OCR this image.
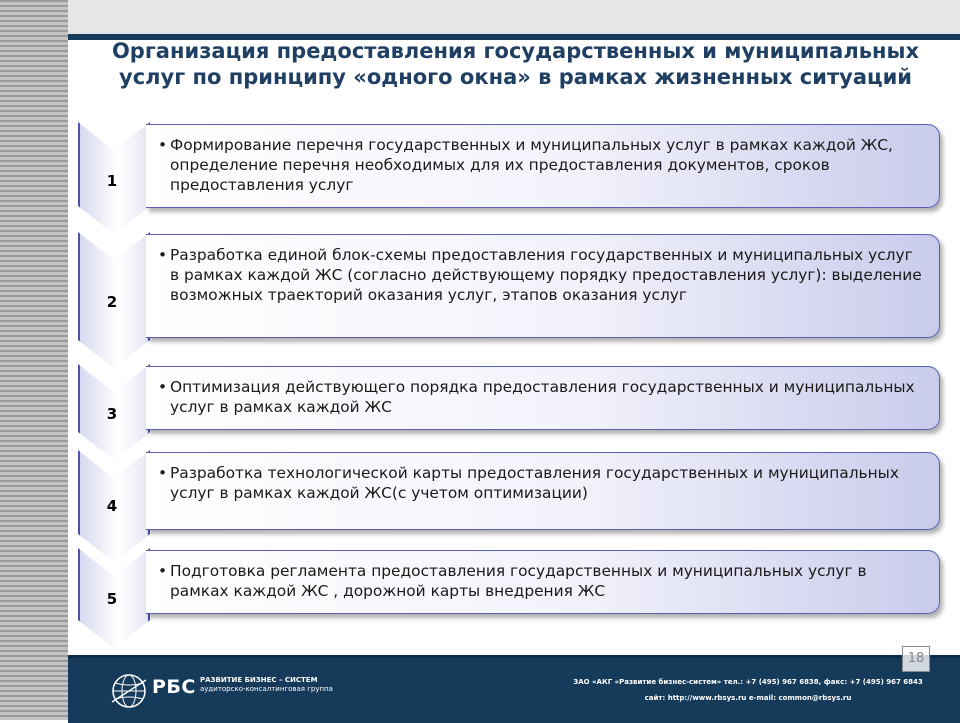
Организация предоставления государственных и муниципальных услуг по принципу «одного окна» в рамках жизненных ситуаций
1

• Формирование перечня государственных и муниципальных услуг в рамках каждой ЖС, определение перечня необходимых для их предоставления документов, сроков предоставления услуг

2

• Разработка единой блок-схемы предоставления государственных и муниципальных услуг в рамках каждой ЖС (согласно действующему порядку предоставления услуг): выделение возможных траекторий оказания услуг, этапов оказания услуг

3

• Оптимизация действующего порядка предоставления государственных и муниципальных услуг в рамках каждой ЖС

4

• Разработка технологической карты предоставления государственных и муниципальных услуг в рамках каждой ЖС(с учетом оптимизации)

5

• Подготовка регламента предоставления государственных и муниципальных услуг в рамках каждой ЖС , дорожной карты внедрения ЖС

РБС РАЗВИТИЕ БИЗНЕС – СИСТЕМ
аудиторско-консалтинговая группа
ЗАО «АКГ «Развитие бизнес-систем» тел.: +7 (495) 967 6838, факс: +7 (495) 967 6843
сайт: http://www.rbsys.ru e-mail: common@rbsys.ru
18
